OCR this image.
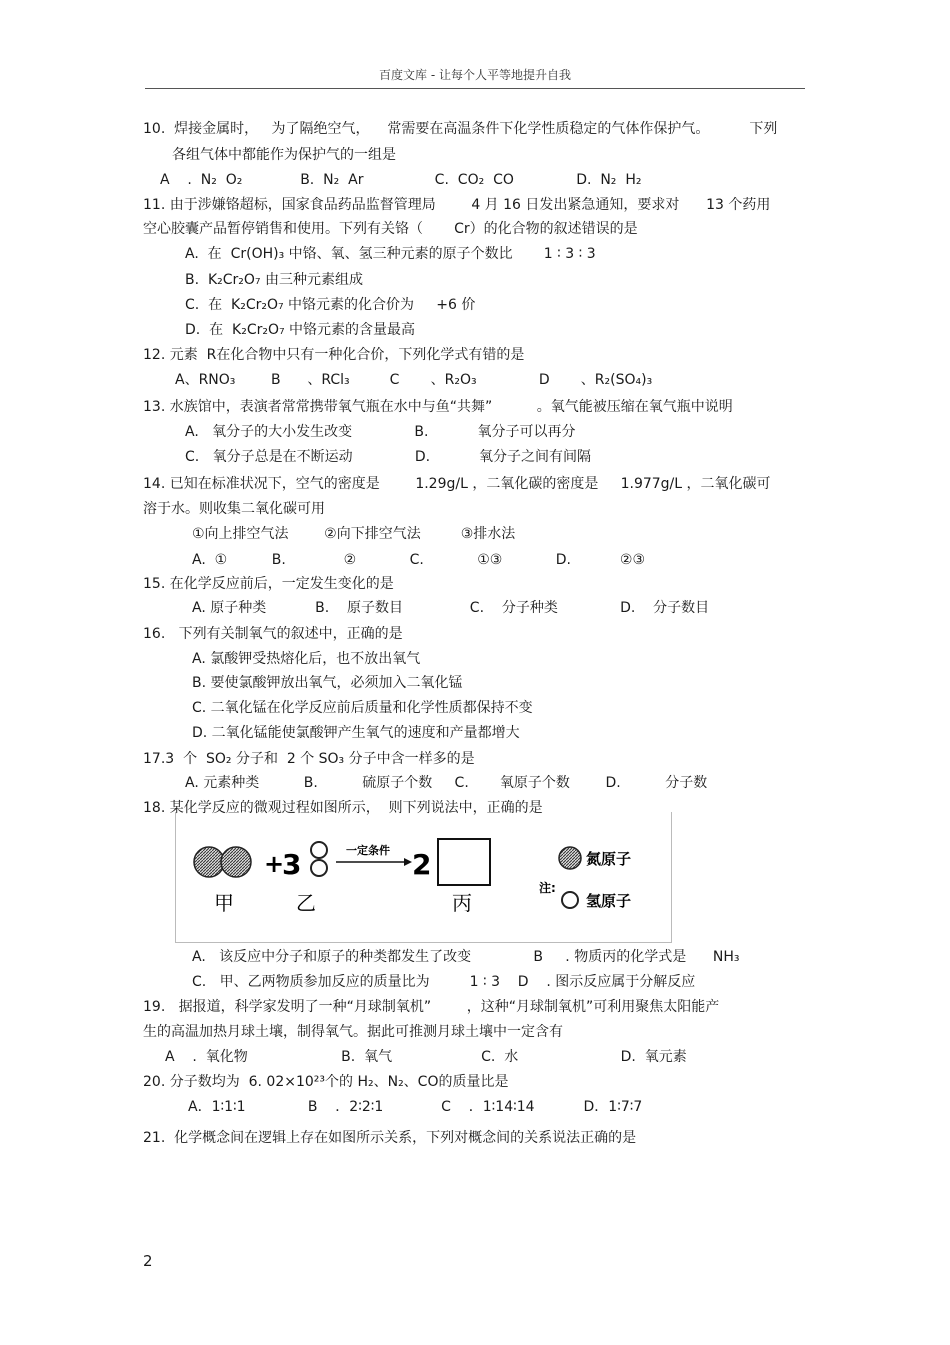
百度文库 - 让每个人平等地提升自我
10.  焊接金属时，   为了隔绝空气，    常需要在高温条件下化学性质稳定的气体作保护气。         下列
各组气体中都能作为保护气的一组是
A    .  N₂  O₂             B.  N₂  Ar                C.  CO₂  CO              D.  N₂  H₂
11. 由于涉嫌铬超标，国家食品药品监督管理局        4 月 16 日发出紧急通知，要求对      13 个药用
空心胶囊产品暂停销售和使用。下列有关铬（       Cr）的化合物的叙述错误的是
A.  在  Cr(OH)₃ 中铬、氧、氢三种元素的原子个数比       1 ∶ 3 ∶ 3
B.  K₂Cr₂O₇ 由三种元素组成
C.  在  K₂Cr₂O₇ 中铬元素的化合价为     +6 价
D.  在  K₂Cr₂O₇ 中铬元素的含量最高
12. 元素  R在化合物中只有一种化合价，下列化学式有错的是
A、RNO₃        B      、RCl₃         C       、R₂O₃              D       、R₂(SO₄)₃
13. 水族馆中，表演者常常携带氧气瓶在水中与鱼“共舞”          。氧气能被压缩在氧气瓶中说明
A.   氧分子的大小发生改变              B.           氧分子可以再分
C.   氧分子总是在不断运动              D.           氧分子之间有间隔
14. 已知在标准状况下，空气的密度是        1.29g/L ，二氧化碳的密度是     1.977g/L ，二氧化碳可
溶于水。则收集二氧化碳可用
①向上排空气法        ②向下排空气法         ③排水法
A.  ①          B.             ②            C.            ①③            D.           ②③
15. 在化学反应前后，一定发生变化的是
A. 原子种类           B.    原子数目               C.    分子种类              D.    分子数目
16.   下列有关制氧气的叙述中，正确的是
A. 氯酸钾受热熔化后，也不放出氧气
B. 要使氯酸钾放出氧气，必须加入二氧化锰
C. 二氧化锰在化学反应前后质量和化学性质都保持不变
D. 二氧化锰能使氯酸钾产生氧气的速度和产量都增大
17.3  个  SO₂ 分子和  2 个 SO₃ 分子中含一样多的是
A. 元素种类          B.          硫原子个数     C.       氧原子个数        D.          分子数
18. 某化学反应的微观过程如图所示，  则下列说法中，正确的是
A.   该反应中分子和原子的种类都发生了改变              B     . 物质丙的化学式是      NH₃
C.   甲、乙两物质参加反应的质量比为         1 ∶ 3    D    . 图示反应属于分解反应
19.   据报道，科学家发明了一种“月球制氧机”        ，这种“月球制氧机”可利用聚焦太阳能产
生的高温加热月球土壤，制得氧气。据此可推测月球土壤中一定含有
A    .  氧化物                     B.  氧气                    C.  水                       D.  氧元素
20. 分子数均为  6. 02×10²³个的 H₂、N₂、CO的质量比是
A．1∶1∶1              B    ．2∶2∶1             C    ．1∶14∶14           D．1∶7∶7
21.  化学概念间在逻辑上存在如图所示关系，下列对概念间的关系说法正确的是
+
3	一定条件 2
甲	乙	丙
氮原子
注:
氢原子
2
